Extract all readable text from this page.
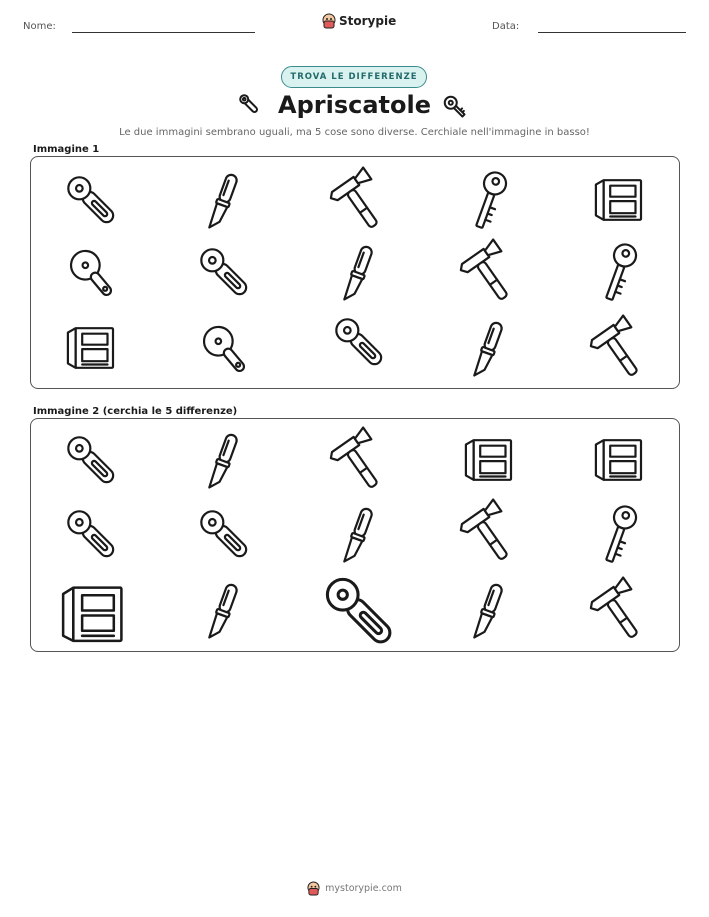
Nome:	Storypie	Data:
TROVA LE DIFFERENZE
Apriscatole
Le due immagini sembrano uguali, ma 5 cose sono diverse. Cerchiale nell'immagine in basso!
Immagine 1
Immagine 2 (cerchia le 5 differenze)
mystorypie.com
